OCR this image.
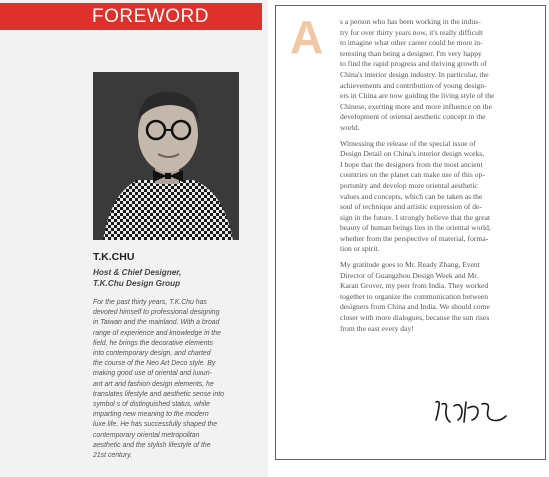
FOREWORD
T.K.CHU
Host & Chief Designer,
T.K.Chu Design Group
For the past thirty years, T.K.Chu has
devoted himself to professional designing
in Taiwan and the mainland. With a broad
range of experience and knowledge in the
field, he brings the decorative elements
into contemporary design, and charted
the course of the Neo Art Deco style. By
making good use of oriental and luxuri-
ant art and fashion design elements, he
translates lifestyle and aesthetic sense into
symbol s of distinguished status, while
imparting new meaning to the modern
luxe life. He has successfully shaped the
contemporary oriental metropolitan
aesthetic and the stylish lifestyle of the
21st century.
A s a person who has been working in the indus-
try for over thirty years now, it's really difficult
to imagine what other career could be more in-
teresting than being a designer. I'm very happy
to find the rapid progress and thriving growth of
China's interior design industry. In particular, the
achievements and contribution of young design-
ers in China are now guiding the living style of the
Chinese, exerting more and more influence on the
development of oriental aesthetic concept in the
world.
Witnessing the release of the special issue of
Design Detail on China's interior design works,
I hope that the designers from the most ancient
countries on the planet can make use of this op-
portunity and develop more oriental aesthetic
values and concepts, which can be taken as the
soul of technique and artistic expression of de-
sign in the future. I strongly believe that the great
beauty of human beings lies in the oriental world,
whether from the perspective of material, forma-
tion or spirit.
My gratitude goes to Mr. Ready Zhang, Event
Director of Guangzhou Design Week and Mr.
Karan Grover, my peer from India. They worked
together to organize the communication between
designers from China and India. We should come
closer with more dialogues, because the sun rises
from the east every day!
